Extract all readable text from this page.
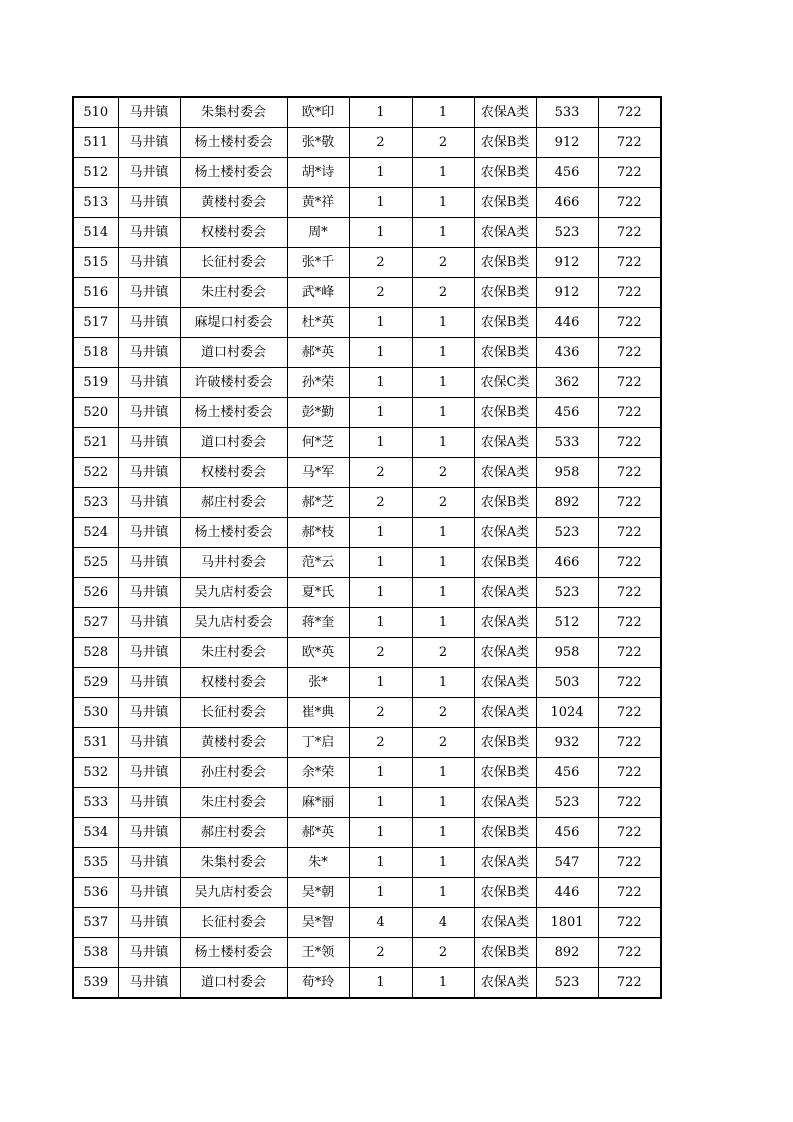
510	马井镇	朱集村委会	欧*印	1	1	农保A类	533	722
511	马井镇	杨土楼村委会	张*敬	2	2	农保B类	912	722
512	马井镇	杨土楼村委会	胡*诗	1	1	农保B类	456	722
513	马井镇	黄楼村委会	黄*祥	1	1	农保B类	466	722
514	马井镇	权楼村委会	周*	1	1	农保A类	523	722
515	马井镇	长征村委会	张*千	2	2	农保B类	912	722
516	马井镇	朱庄村委会	武*峰	2	2	农保B类	912	722
517	马井镇	麻堤口村委会	杜*英	1	1	农保B类	446	722
518	马井镇	道口村委会	郝*英	1	1	农保B类	436	722
519	马井镇	许破楼村委会	孙*荣	1	1	农保C类	362	722
520	马井镇	杨土楼村委会	彭*勤	1	1	农保B类	456	722
521	马井镇	道口村委会	何*芝	1	1	农保A类	533	722
522	马井镇	权楼村委会	马*军	2	2	农保A类	958	722
523	马井镇	郝庄村委会	郝*芝	2	2	农保B类	892	722
524	马井镇	杨土楼村委会	郝*枝	1	1	农保A类	523	722
525	马井镇	马井村委会	范*云	1	1	农保B类	466	722
526	马井镇	吴九店村委会	夏*氏	1	1	农保A类	523	722
527	马井镇	吴九店村委会	蒋*奎	1	1	农保A类	512	722
528	马井镇	朱庄村委会	欧*英	2	2	农保A类	958	722
529	马井镇	权楼村委会	张*	1	1	农保A类	503	722
530	马井镇	长征村委会	崔*典	2	2	农保A类	1024	722
531	马井镇	黄楼村委会	丁*启	2	2	农保B类	932	722
532	马井镇	孙庄村委会	余*荣	1	1	农保B类	456	722
533	马井镇	朱庄村委会	麻*丽	1	1	农保A类	523	722
534	马井镇	郝庄村委会	郝*英	1	1	农保B类	456	722
535	马井镇	朱集村委会	朱*	1	1	农保A类	547	722
536	马井镇	吴九店村委会	吴*朝	1	1	农保B类	446	722
537	马井镇	长征村委会	吴*智	4	4	农保A类	1801	722
538	马井镇	杨土楼村委会	王*领	2	2	农保B类	892	722
539	马井镇	道口村委会	荀*玲	1	1	农保A类	523	722
